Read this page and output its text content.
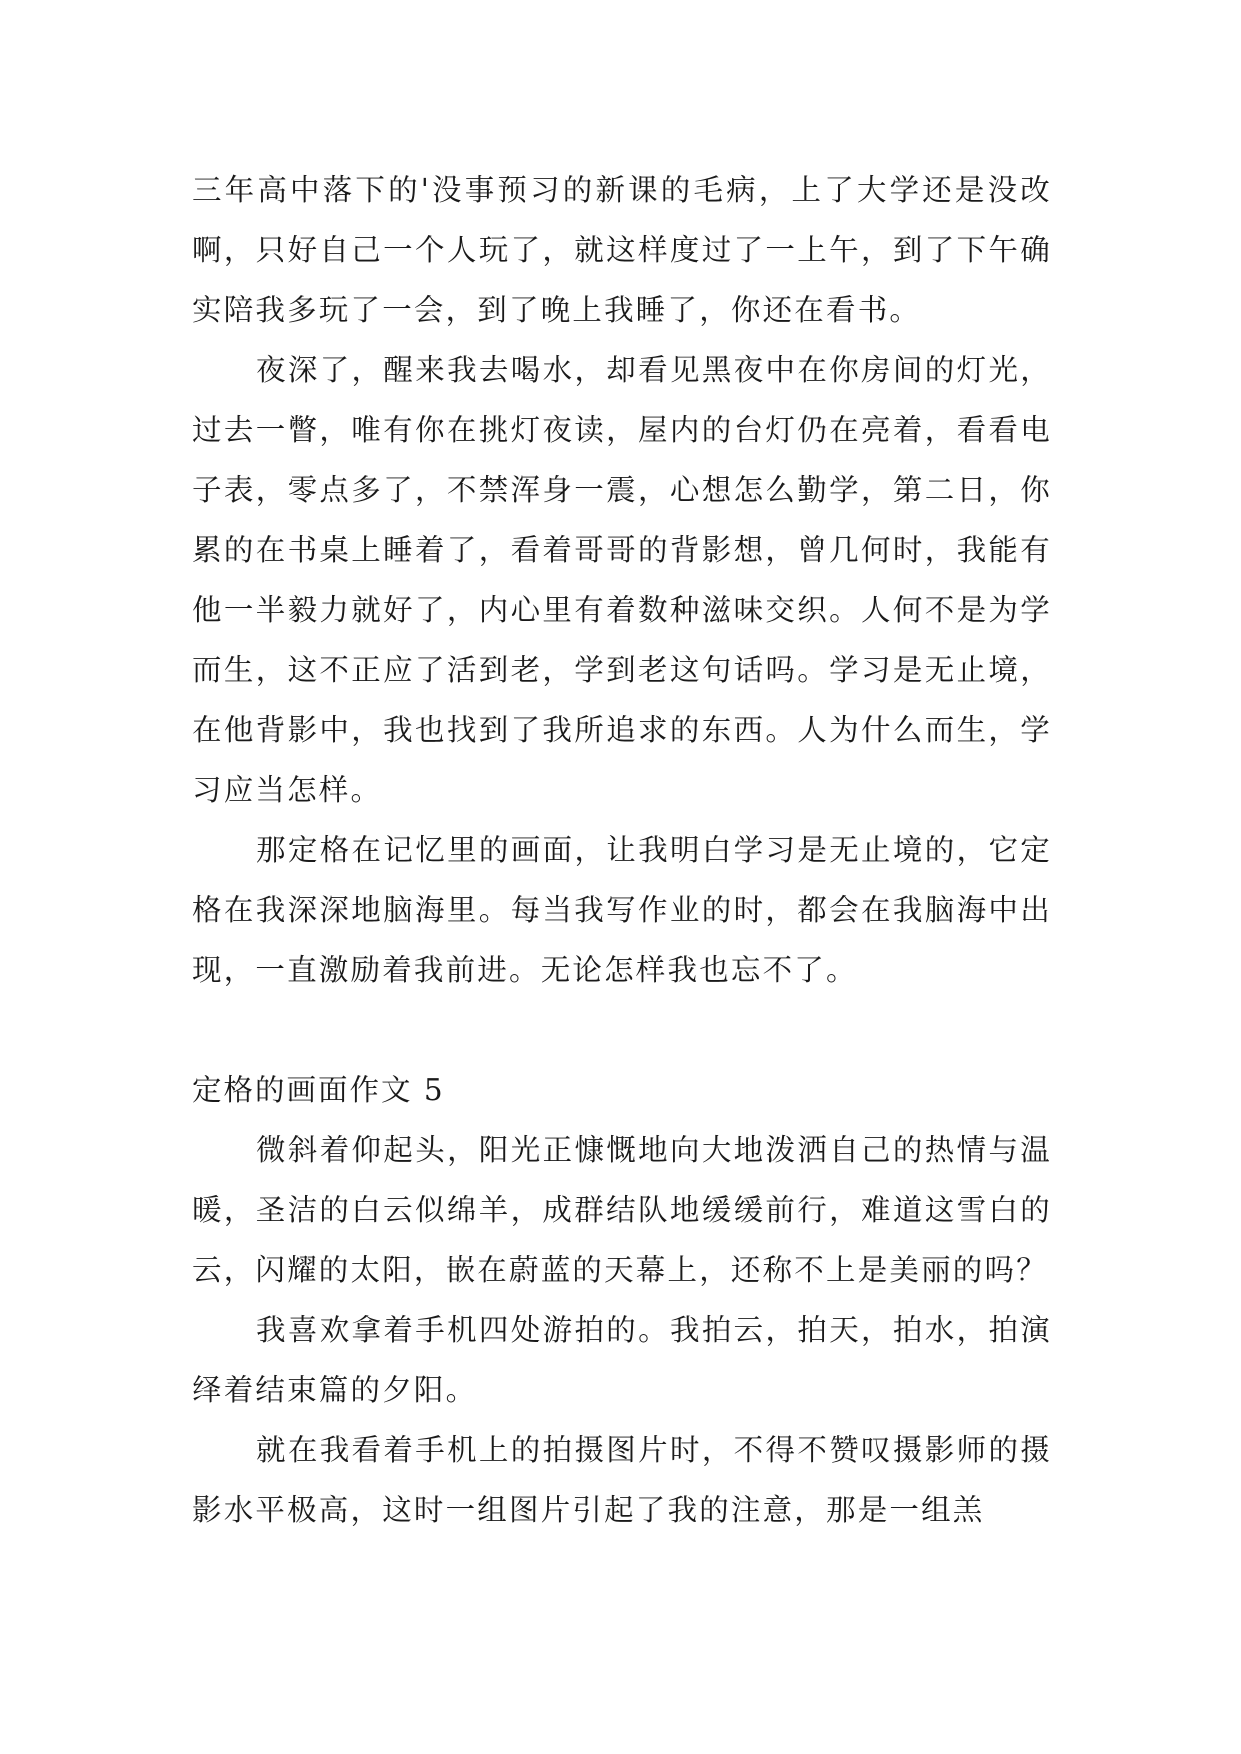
三年高中落下的'没事预习的新课的毛病，上了大学还是没改啊，只好自己一个人玩了，就这样度过了一上午，到了下午确实陪我多玩了一会，到了晚上我睡了，你还在看书。

夜深了，醒来我去喝水，却看见黑夜中在你房间的灯光，过去一瞥，唯有你在挑灯夜读，屋内的台灯仍在亮着，看看电子表，零点多了，不禁浑身一震，心想怎么勤学，第二日，你累的在书桌上睡着了，看着哥哥的背影想，曾几何时，我能有他一半毅力就好了，内心里有着数种滋味交织。人何不是为学而生，这不正应了活到老，学到老这句话吗。学习是无止境，在他背影中，我也找到了我所追求的东西。人为什么而生，学习应当怎样。

那定格在记忆里的画面，让我明白学习是无止境的，它定格在我深深地脑海里。每当我写作业的时，都会在我脑海中出现，一直激励着我前进。无论怎样我也忘不了。

定格的画面作文 5

微斜着仰起头，阳光正慷慨地向大地泼洒自己的热情与温暖，圣洁的白云似绵羊，成群结队地缓缓前行，难道这雪白的云，闪耀的太阳，嵌在蔚蓝的天幕上，还称不上是美丽的吗？

我喜欢拿着手机四处游拍的。我拍云，拍天，拍水，拍演绎着结束篇的夕阳。

就在我看着手机上的拍摄图片时，不得不赞叹摄影师的摄影水平极高，这时一组图片引起了我的注意，那是一组羔
